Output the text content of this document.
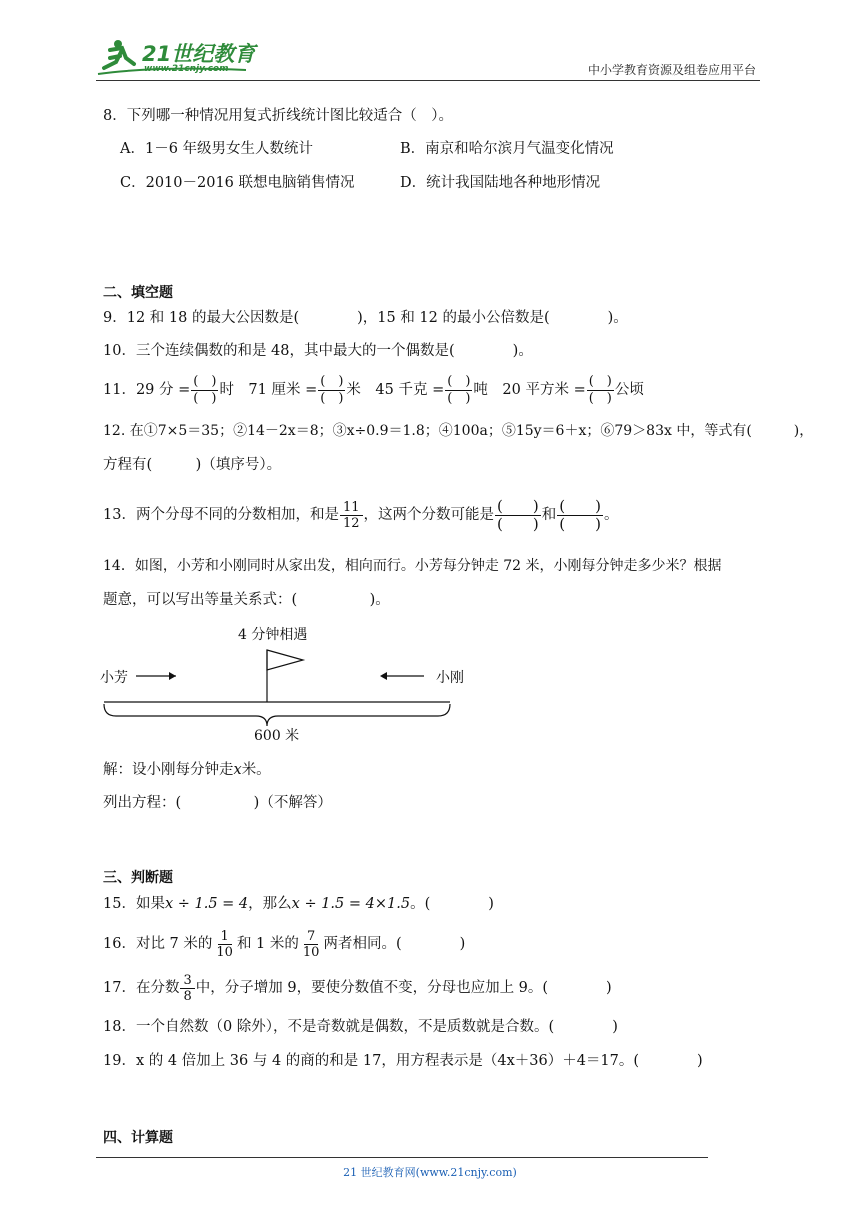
21世纪教育
www.21cnjy.com	中小学教育资源及组卷应用平台
8．下列哪一种情况用复式折线统计图比较适合（　）。
A．1－6 年级男女生人数统计	B．南京和哈尔滨月气温变化情况
C．2010－2016 联想电脑销售情况	D．统计我国陆地各种地形情况
二、填空题
9．12 和 18 的最大公因数是(　　　　)，15 和 12 的最小公倍数是(　　　　)。
10．三个连续偶数的和是 48，其中最大的一个偶数是(　　　　)。
11．29 分 =
(　)
(　) 时　71 厘米 =
(　)
(　) 米　45 千克 =
(　)
(　) 吨　20 平方米 =
(　)
(　) 公顷
12. 在①7×5＝35；②14－2x＝8；③x÷0.9＝1.8；④100a；⑤15y＝6＋x；⑥79＞83x 中，等式有(　　　)，
方程有(　　　)（填序号）。
13．两个分母不同的分数相加，和是 $\frac{11}{12}$ ，这两个分数可能是
(　　)
(　　) 和
(　　)
(　　) 。
14．如图，小芳和小刚同时从家出发，相向而行。小芳每分钟走 72 米，小刚每分钟走多少米？根据
题意，可以写出等量关系式：(　　　　　)。
4 分钟相遇
小芳	小刚
600 米
解：设小刚每分钟走x米。
列出方程：(　　　　　)（不解答）
三、判断题
15．如果x ÷ 1.5 = 4，那么x ÷ 1.5 = 4×1.5。(　　　　)
16．对比 7 米的 $\frac{1}{10}$ 和 1 米的 $\frac{7}{10}$ 两者相同。(　　　　)
17．在分数 $\frac{3}{8}$ 中，分子增加 9，要使分数值不变，分母也应加上 9。(　　　　)
18．一个自然数（0 除外），不是奇数就是偶数，不是质数就是合数。(　　　　)
19．x 的 4 倍加上 36 与 4 的商的和是 17，用方程表示是（4x＋36）＋4＝17。(　　　　)
四、计算题
21 世纪教育网(www.21cnjy.com)
